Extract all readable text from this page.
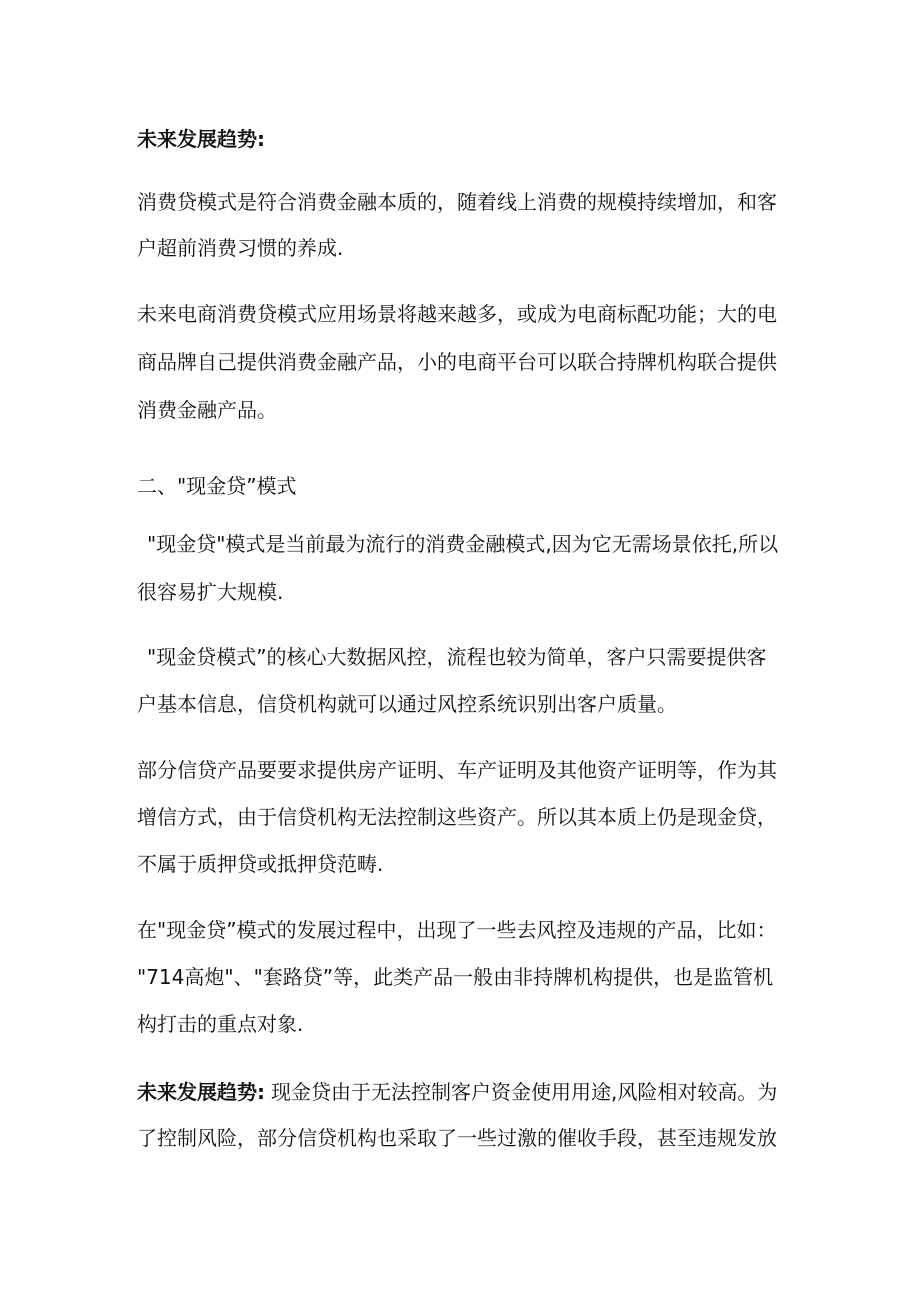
未来发展趋势:
消费贷模式是符合消费金融本质的，随着线上消费的规模持续增加，和客
户超前消费习惯的养成.
未来电商消费贷模式应用场景将越来越多，或成为电商标配功能；大的电
商品牌自己提供消费金融产品，小的电商平台可以联合持牌机构联合提供
消费金融产品。
二、"现金贷”模式
"现金贷"模式是当前最为流行的消费金融模式,因为它无需场景依托,所以
很容易扩大规模.
"现金贷模式”的核心大数据风控，流程也较为简单，客户只需要提供客
户基本信息，信贷机构就可以通过风控系统识别出客户质量。
部分信贷产品要要求提供房产证明、车产证明及其他资产证明等，作为其
增信方式，由于信贷机构无法控制这些资产。所以其本质上仍是现金贷，
不属于质押贷或抵押贷范畴.
在"现金贷”模式的发展过程中，出现了一些去风控及违规的产品，比如：
"714高炮"、"套路贷”等，此类产品一般由非持牌机构提供，也是监管机
构打击的重点对象.
未来发展趋势: 现金贷由于无法控制客户资金使用用途,风险相对较高。为
了控制风险，部分信贷机构也采取了一些过激的催收手段，甚至违规发放
